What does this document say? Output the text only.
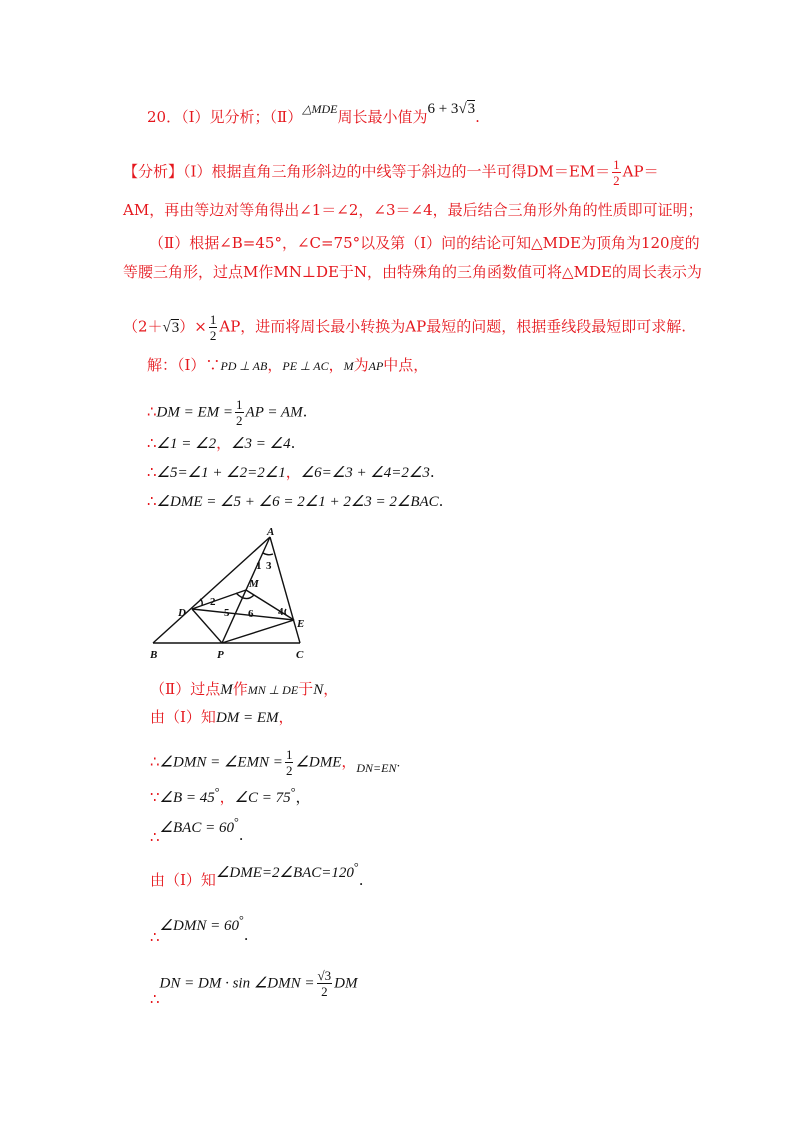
20．（Ⅰ）见分析；（Ⅱ）$^{\triangle MDE}$周长最小值为6 + 3√3.
【分析】（Ⅰ）根据直角三角形斜边的中线等于斜边的一半可得$DM=EM= \frac{1}{2} AP=$
AM，再由等边对等角得出∠1＝∠2，∠3＝∠4，最后结合三角形外角的性质即可证明；
（Ⅱ）根据∠B=45°，∠C=75°以及第（Ⅰ）问的结论可知△MDE为顶角为120度的
等腰三角形，过点M作MN⊥DE于N，由特殊角的三角函数值可将△MDE的周长表示为
$(2+√3)\times \frac{1}{2}$ AP，进而将周长最小转换为AP最短的问题，根据垂线段最短即可求解.
解：（Ⅰ）∵PD ⊥ AB，PE ⊥ AC，M为AP中点，
∴DM = EM = $\frac{1}{2}$ AP = AM.
∴∠1 = ∠2，∠3 = ∠4.
∴∠5=∠1 + ∠2=2∠1，∠6=∠3 + ∠4=2∠3.
∴∠DME = ∠5 + ∠6 = 2∠1 + 2∠3 = 2∠BAC.
A
B	C
D
E
P
M
1 3
2
5 6 4
（Ⅱ）过点M作MN ⊥ DE于N，
由（Ⅰ）知DM = EM，
∴∠DMN = ∠EMN = $\frac{1}{2}$ ∠DME，$_{DN=EN}$.
∵∠B = 45°，∠C = 75°，
∴∠BAC = 60°.
由（Ⅰ）知∠DME=2∠BAC=120°.
∴∠DMN = 60°.
∴DN = DM · sin ∠DMN = $\frac{√3}{2}$ DM
